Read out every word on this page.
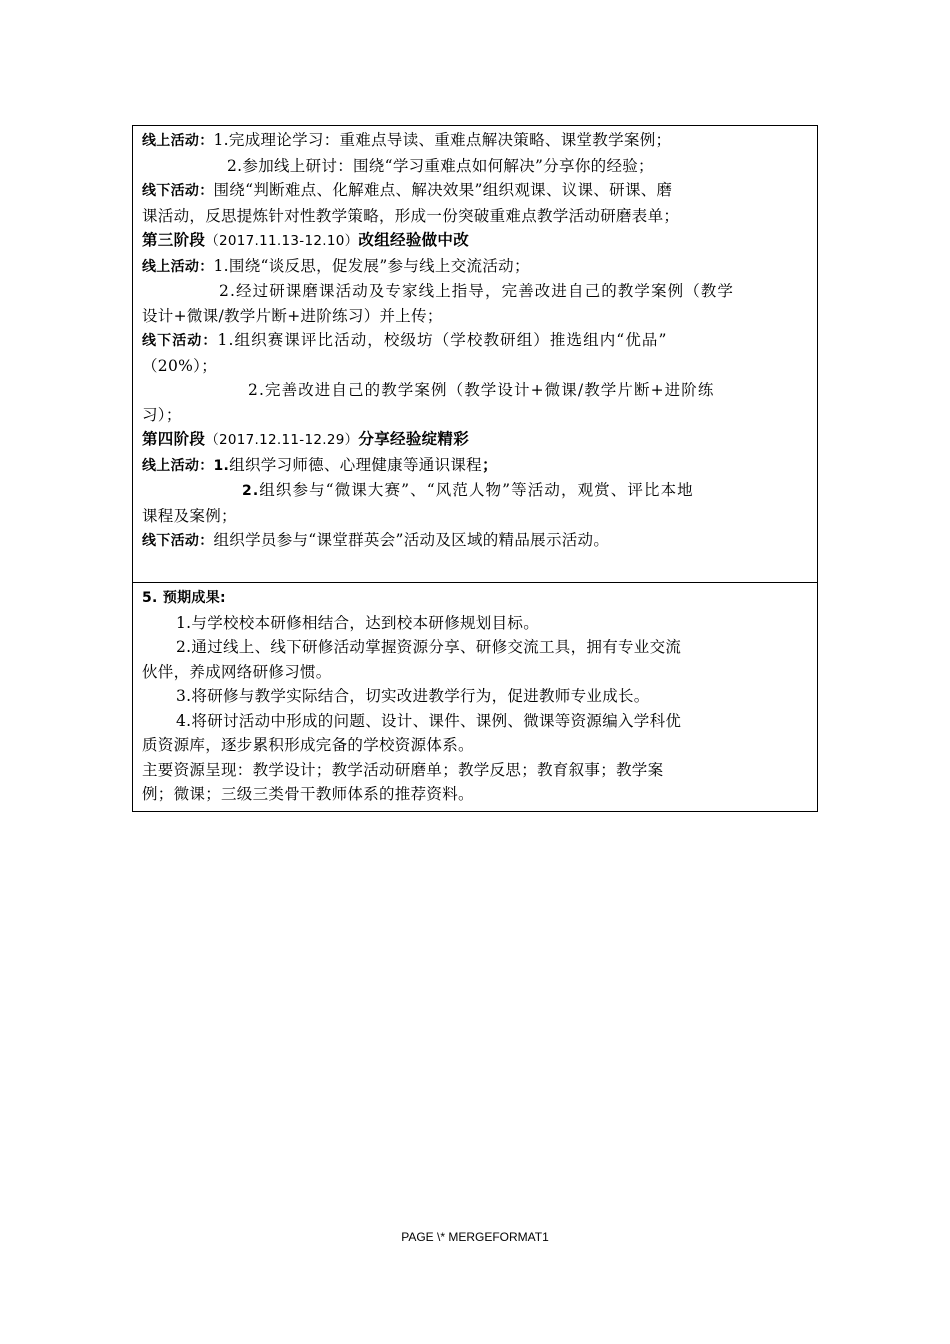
线上活动：1.完成理论学习：重难点导读、重难点解决策略、课堂教学案例；
2.参加线上研讨：围绕“学习重难点如何解决”分享你的经验；
线下活动：围绕“判断难点、化解难点、解决效果”组织观课、议课、研课、磨
课活动，反思提炼针对性教学策略，形成一份突破重难点教学活动研磨表单；
第三阶段（2017.11.13-12.10）改组经验做中改
线上活动：1.围绕“谈反思，促发展”参与线上交流活动；
2.经过研课磨课活动及专家线上指导，完善改进自己的教学案例（教学
设计+微课/教学片断+进阶练习）并上传；
线下活动：1.组织赛课评比活动，校级坊（学校教研组）推选组内“优品”
（20%）；
2.完善改进自己的教学案例（教学设计+微课/教学片断+进阶练
习）；
第四阶段（2017.12.11-12.29）分享经验绽精彩
线上活动：1.组织学习师德、心理健康等通识课程；
2.组织参与“微课大赛”、“风范人物”等活动，观赏、评比本地
课程及案例；
线下活动：组织学员参与“课堂群英会”活动及区域的精品展示活动。

5. 预期成果:
1.与学校校本研修相结合，达到校本研修规划目标。
2.通过线上、线下研修活动掌握资源分享、研修交流工具，拥有专业交流
伙伴，养成网络研修习惯。
3.将研修与教学实际结合，切实改进教学行为，促进教师专业成长。
4.将研讨活动中形成的问题、设计、课件、课例、微课等资源编入学科优
质资源库，逐步累积形成完备的学校资源体系。
主要资源呈现：教学设计；教学活动研磨单；教学反思；教育叙事；教学案
例；微课；三级三类骨干教师体系的推荐资料。
PAGE \* MERGEFORMAT1
